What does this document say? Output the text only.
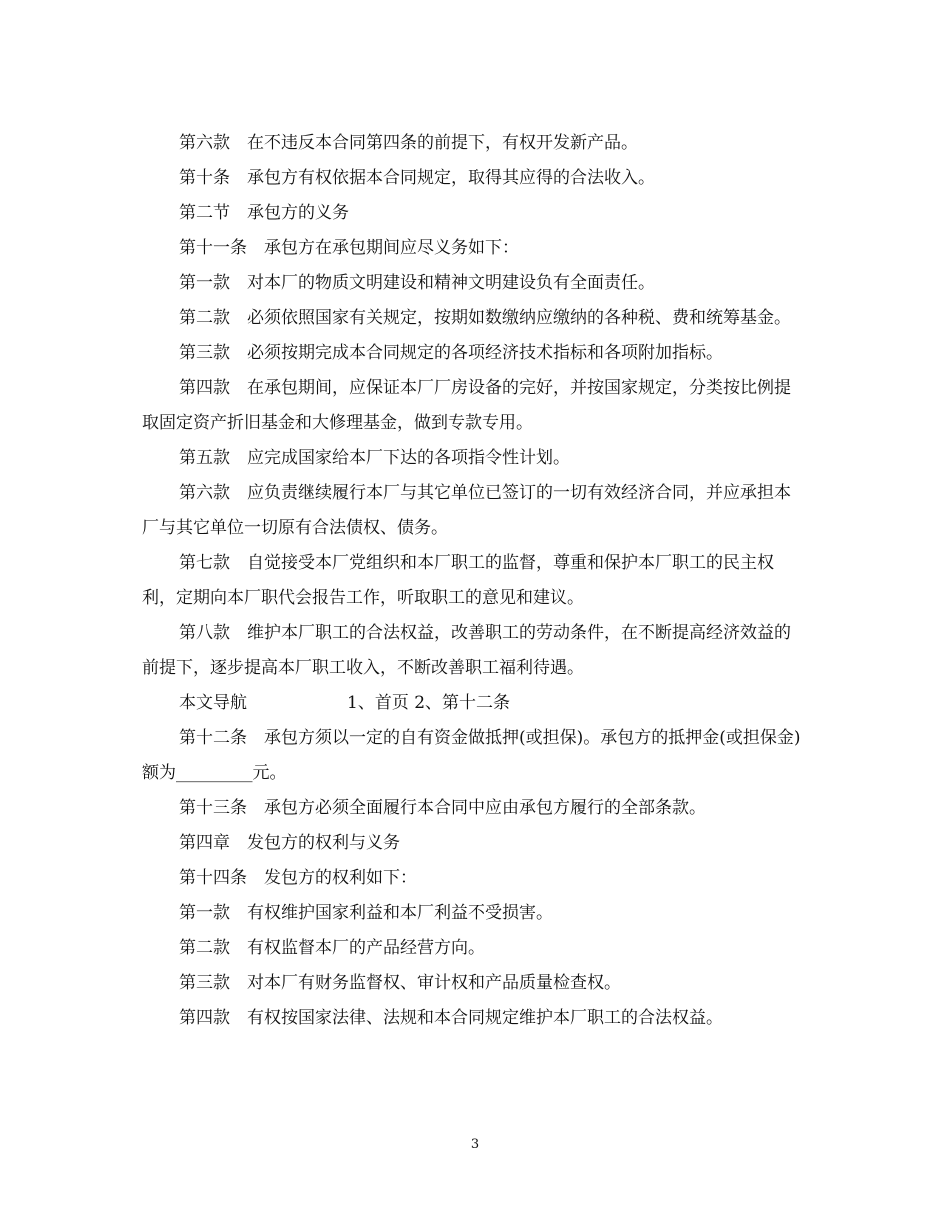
第六款　在不违反本合同第四条的前提下，有权开发新产品。

第十条　承包方有权依据本合同规定，取得其应得的合法收入。

第二节　承包方的义务

第十一条　承包方在承包期间应尽义务如下：

第一款　对本厂的物质文明建设和精神文明建设负有全面责任。

第二款　必须依照国家有关规定，按期如数缴纳应缴纳的各种税、费和统筹基金。

第三款　必须按期完成本合同规定的各项经济技术指标和各项附加指标。

第四款　在承包期间，应保证本厂厂房设备的完好，并按国家规定，分类按比例提取固定资产折旧基金和大修理基金，做到专款专用。

第五款　应完成国家给本厂下达的各项指令性计划。

第六款　应负责继续履行本厂与其它单位已签订的一切有效经济合同，并应承担本厂与其它单位一切原有合法债权、债务。

第七款　自觉接受本厂党组织和本厂职工的监督，尊重和保护本厂职工的民主权利，定期向本厂职代会报告工作，听取职工的意见和建议。

第八款　维护本厂职工的合法权益，改善职工的劳动条件，在不断提高经济效益的前提下，逐步提高本厂职工收入，不断改善职工福利待遇。

本文导航	1、首页 2、第十二条

第十二条　承包方须以一定的自有资金做抵押(或担保)。承包方的抵押金(或担保金)额为_________元。

第十三条　承包方必须全面履行本合同中应由承包方履行的全部条款。

第四章　发包方的权利与义务

第十四条　发包方的权利如下：

第一款　有权维护国家利益和本厂利益不受损害。

第二款　有权监督本厂的产品经营方向。

第三款　对本厂有财务监督权、审计权和产品质量检查权。

第四款　有权按国家法律、法规和本合同规定维护本厂职工的合法权益。

3
